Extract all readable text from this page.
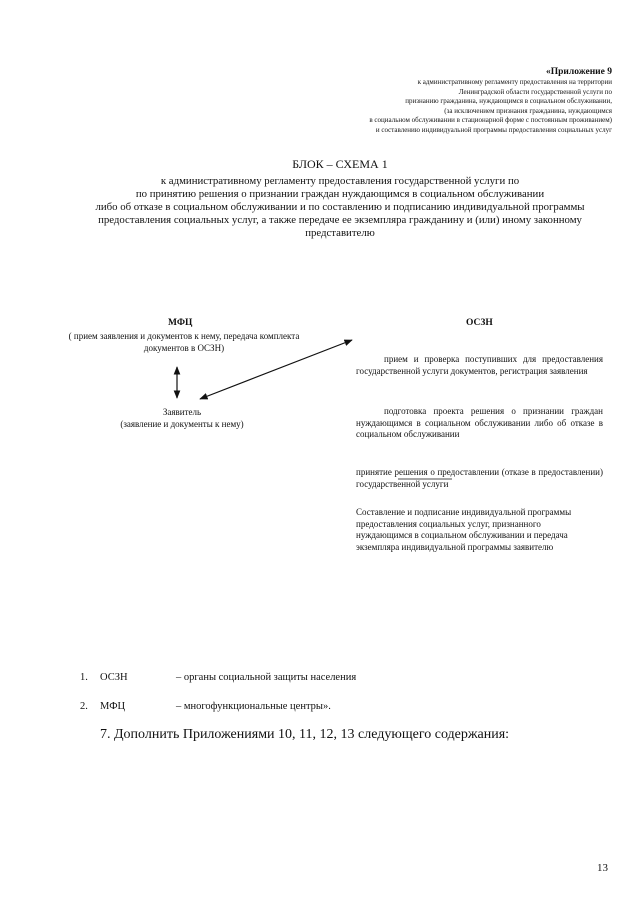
«Приложение 9
к административному регламенту предоставления на территории
Ленинградской области государственной услуги по
признанию гражданина, нуждающимся в социальном обслуживании,
(за исключением признания гражданина, нуждающимся
в социальном обслуживании в стационарной форме с постоянным проживанием)
и составлению индивидуальной программы предоставления социальных услуг
БЛОК – СХЕМА 1
к административному регламенту предоставления государственной услуги по
по принятию решения о признании граждан нуждающимся в социальном обслуживании
либо об отказе в социальном обслуживании и по составлению и подписанию индивидуальной программы
предоставления социальных услуг, а также передаче ее экземпляра гражданину и (или) иному законному
представителю
МФЦ
( прием заявления и документов к нему, передача комплекта документов в ОСЗН)
Заявитель
(заявление и документы к нему)
ОСЗН
прием и проверка поступивших для предоставления государственной услуги документов, регистрация заявления
подготовка проекта решения о признании граждан нуждающимся в социальном обслуживании либо об отказе в социальном обслуживании
принятие решения о предоставлении (отказе в предоставлении) государственной услуги
Составление и подписание индивидуальной программы предоставления социальных услуг, признанного нуждающимся в социальном обслуживании и передача экземпляра индивидуальной программы заявителю
1. ОСЗН	– органы социальной защиты населения
2. МФЦ	– многофункциональные центры».
7. Дополнить Приложениями 10, 11, 12, 13 следующего содержания:
13
